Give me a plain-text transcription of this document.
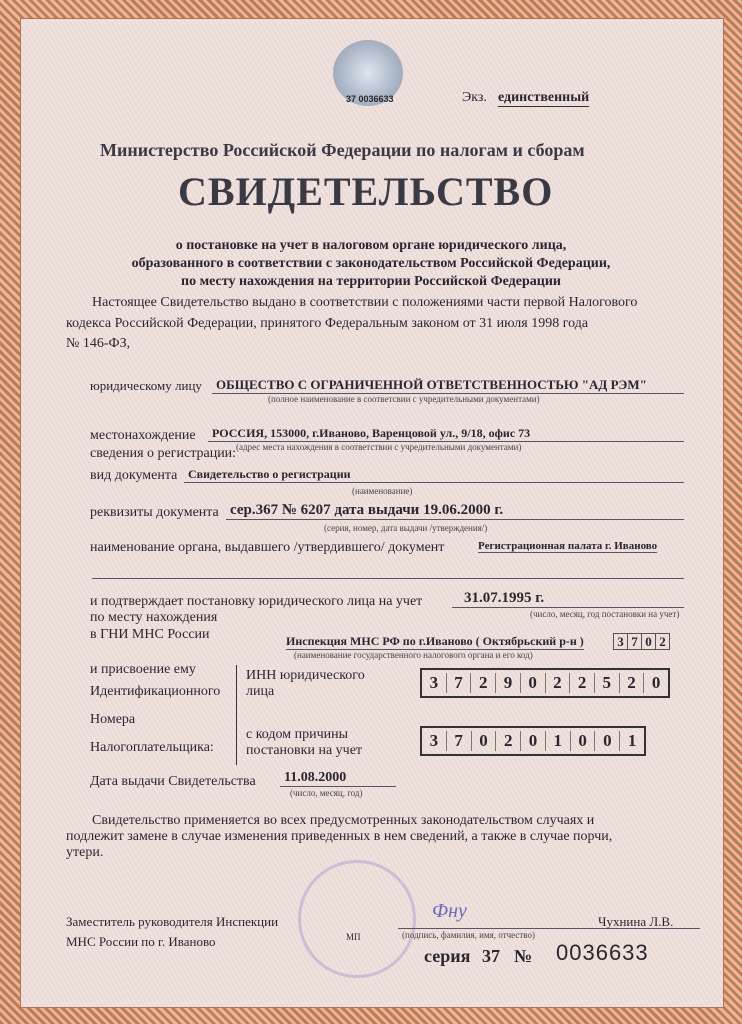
37 0036633	Экз. единственный
Министерство Российской Федерации по налогам и сборам
СВИДЕТЕЛЬСТВО
о постановке на учет в налоговом органе юридического лица,
образованного в соответствии с законодательством Российской Федерации,
по месту нахождения на территории Российской Федерации
Настоящее Свидетельство выдано в соответствии с положениями части первой Налогового
кодекса Российской Федерации, принятого Федеральным законом от 31 июля 1998 года
№ 146-ФЗ,
юридическому лицу	ОБЩЕСТВО С ОГРАНИЧЕННОЙ ОТВЕТСТВЕННОСТЬЮ "АД РЭМ"
(полное наименование в соответсвии с учредительными документами)
местонахождение	РОССИЯ, 153000, г.Иваново, Варенцовой ул., 9/18, офис 73
(адрес места нахождения в соответствии с учредительными документами)
сведения о регистрации:
вид документа Свидетельство о регистрации
(наименование)
реквизиты документа сер.367 № 6207 дата выдачи 19.06.2000 г.
(серия, номер, дата выдачи /утверждения/)
наименование органа, выдавшего /утвердившего/ документ	Регистрационная палата г. Иваново
и подтверждает постановку юридического лица на учет	31.07.1995 г.
(число, месяц, год постановки на учет)
по месту нахождения
в ГНИ МНС России	Инспекция МНС РФ по г.Иваново ( Октябрьский р-н )	3 7 0 2
(наименование государственного налогового органа и его код)
и присвоение ему
Идентификационного
Номера
Налогоплательщика:
ИНН юридического
лица	3 7 2 9 0 2 2 5 2 0
с кодом причины
постановки на учет
3 7 0 2 0 1 0 0 1
Дата выдачи Свидетельства 11.08.2000
(число, месяц, год)
Свидетельство применяется во всех предусмотренных законодательством случаях и
подлежит замене в случае изменения приведенных в нем сведений, а также в случае порчи,
утери.
Заместитель руководителя Инспекции
МНС России по г. Иваново	МП
Фну	Чухнина Л.В.
(подпись, фамилия, имя, отчество)
серия 37 № 0036633
